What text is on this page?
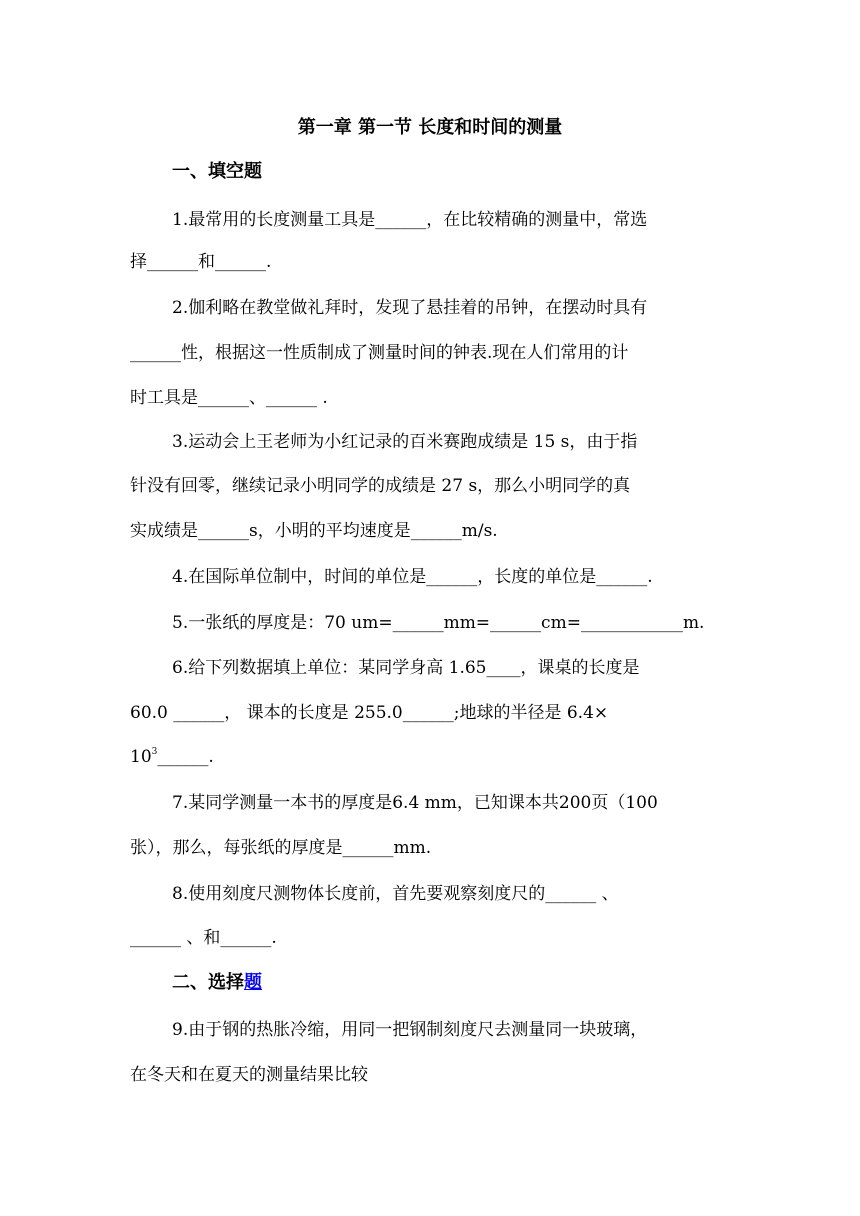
第一章 第一节 长度和时间的测量
一、填空题
1.最常用的长度测量工具是______，在比较精确的测量中，常选
择______和______.
2.伽利略在教堂做礼拜时，发现了悬挂着的吊钟，在摆动时具有
______性，根据这一性质制成了测量时间的钟表.现在人们常用的计
时工具是______、______ .
3.运动会上王老师为小红记录的百米赛跑成绩是 15 s，由于指
针没有回零，继续记录小明同学的成绩是 27 s，那么小明同学的真
实成绩是______s，小明的平均速度是______m/s.
4.在国际单位制中，时间的单位是______，长度的单位是______.
5.一张纸的厚度是：70 um=______mm=______cm=____________m.
6.给下列数据填上单位：某同学身高 1.65____，课桌的长度是
60.0 ______， 课本的长度是 255.0______;地球的半径是 6.4×
$10^3\_\_\_\_\_\_$.
7.某同学测量一本书的厚度是6.4 mm，已知课本共200页（100
张），那么，每张纸的厚度是______mm.
8.使用刻度尺测物体长度前，首先要观察刻度尺的______ 、
______ 、和______.
二、选择题
9.由于钢的热胀冷缩，用同一把钢制刻度尺去测量同一块玻璃，
在冬天和在夏天的测量结果比较
